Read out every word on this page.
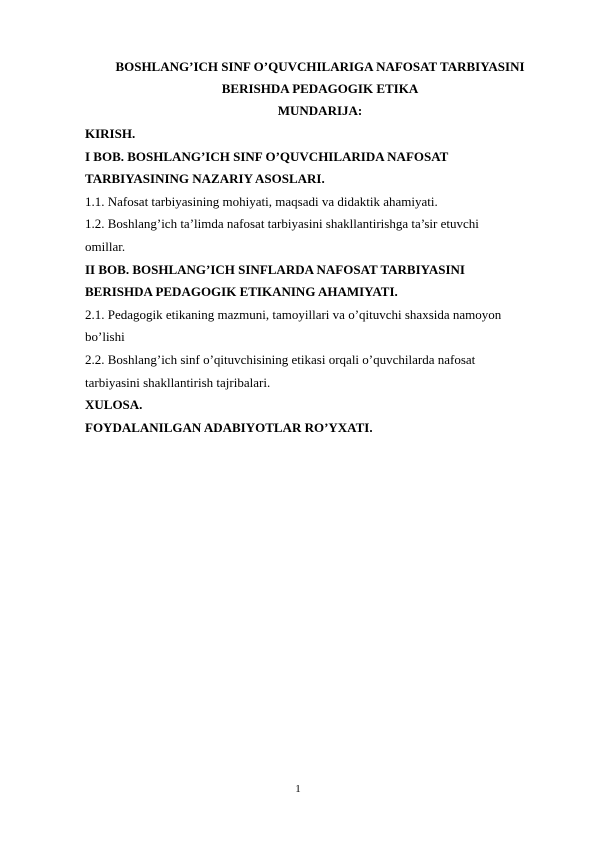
BOSHLANG’ICH SINF O’QUVCHILARIGA NAFOSAT TARBIYASINI
BERISHDA PEDAGOGIK ETIKA
MUNDARIJA:
KIRISH.
I BOB. BOSHLANG’ICH SINF O’QUVCHILARIDA NAFOSAT
TARBIYASINING NAZARIY ASOSLARI.
1.1. Nafosat tarbiyasining mohiyati, maqsadi va didaktik ahamiyati.
1.2. Boshlang’ich ta’limda nafosat tarbiyasini shakllantirishga ta’sir etuvchi
omillar.
II BOB. BOSHLANG’ICH SINFLARDA NAFOSAT TARBIYASINI
BERISHDA PEDAGOGIK ETIKANING AHAMIYATI.
2.1. Pedagogik etikaning mazmuni, tamoyillari va o’qituvchi shaxsida namoyon
bo’lishi
2.2. Boshlang’ich sinf o’qituvchisining etikasi orqali o’quvchilarda nafosat
tarbiyasini shakllantirish tajribalari.
XULOSA.
FOYDALANILGAN ADABIYOTLAR RO’YXATI.
1
